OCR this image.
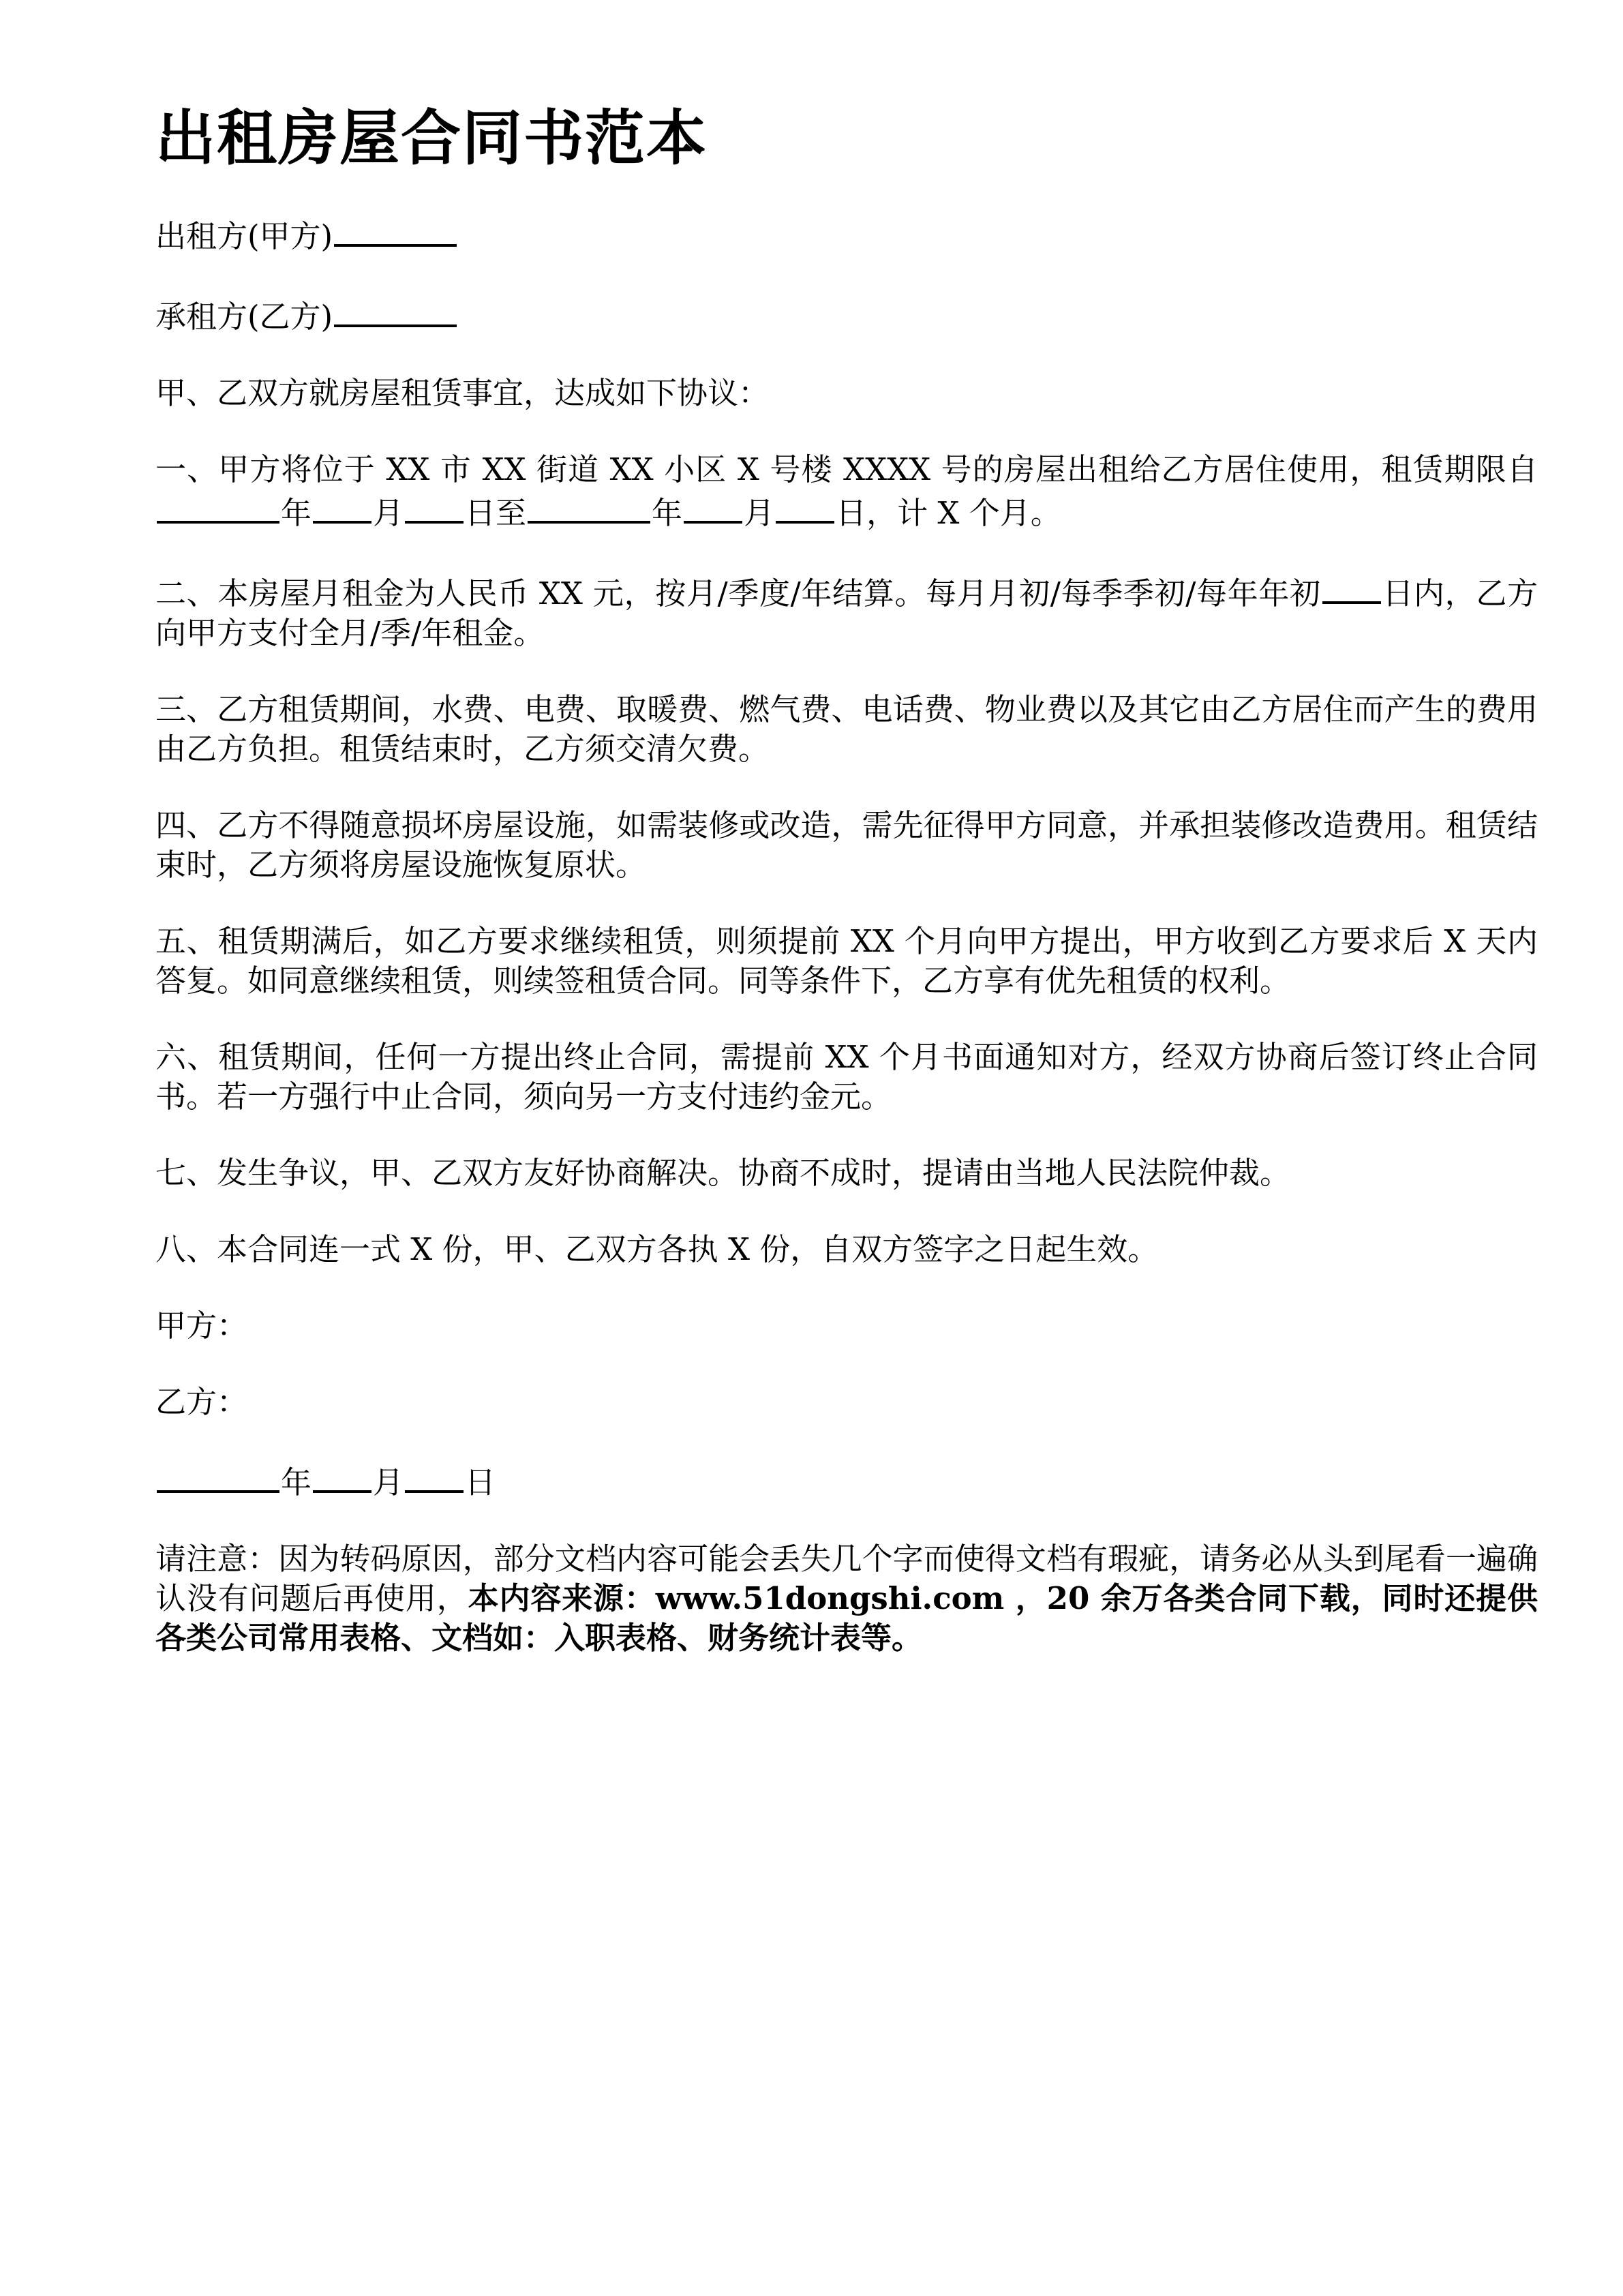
出租房屋合同书范本

出租方(甲方)

承租方(乙方)

甲、乙双方就房屋租赁事宜，达成如下协议：

一、甲方将位于 XX 市 XX 街道 XX 小区 X 号楼 XXXX 号的房屋出租给乙方居住使用，租赁期限自年 月 日至	年 月 日，计 X 个月。

二、本房屋月租金为人民币 XX 元，按月/季度/年结算。每月月初/每季季初/每年年初 日内，乙方向甲方支付全月/季/年租金。

三、乙方租赁期间，水费、电费、取暖费、燃气费、电话费、物业费以及其它由乙方居住而产生的费用由乙方负担。租赁结束时，乙方须交清欠费。

四、乙方不得随意损坏房屋设施，如需装修或改造，需先征得甲方同意，并承担装修改造费用。租赁结束时，乙方须将房屋设施恢复原状。

五、租赁期满后，如乙方要求继续租赁，则须提前 XX 个月向甲方提出，甲方收到乙方要求后 X 天内答复。如同意继续租赁，则续签租赁合同。同等条件下，乙方享有优先租赁的权利。

六、租赁期间，任何一方提出终止合同，需提前 XX 个月书面通知对方，经双方协商后签订终止合同书。若一方强行中止合同，须向另一方支付违约金元。

七、发生争议，甲、乙双方友好协商解决。协商不成时，提请由当地人民法院仲裁。

八、本合同连一式 X 份，甲、乙双方各执 X 份，自双方签字之日起生效。

甲方：

乙方：

年 月 日

请注意：因为转码原因，部分文档内容可能会丢失几个字而使得文档有瑕疵，请务必从头到尾看一遍确认没有问题后再使用，本内容来源：www.51dongshi.com ，20 余万各类合同下载，同时还提供各类公司常用表格、文档如：入职表格、财务统计表等。
